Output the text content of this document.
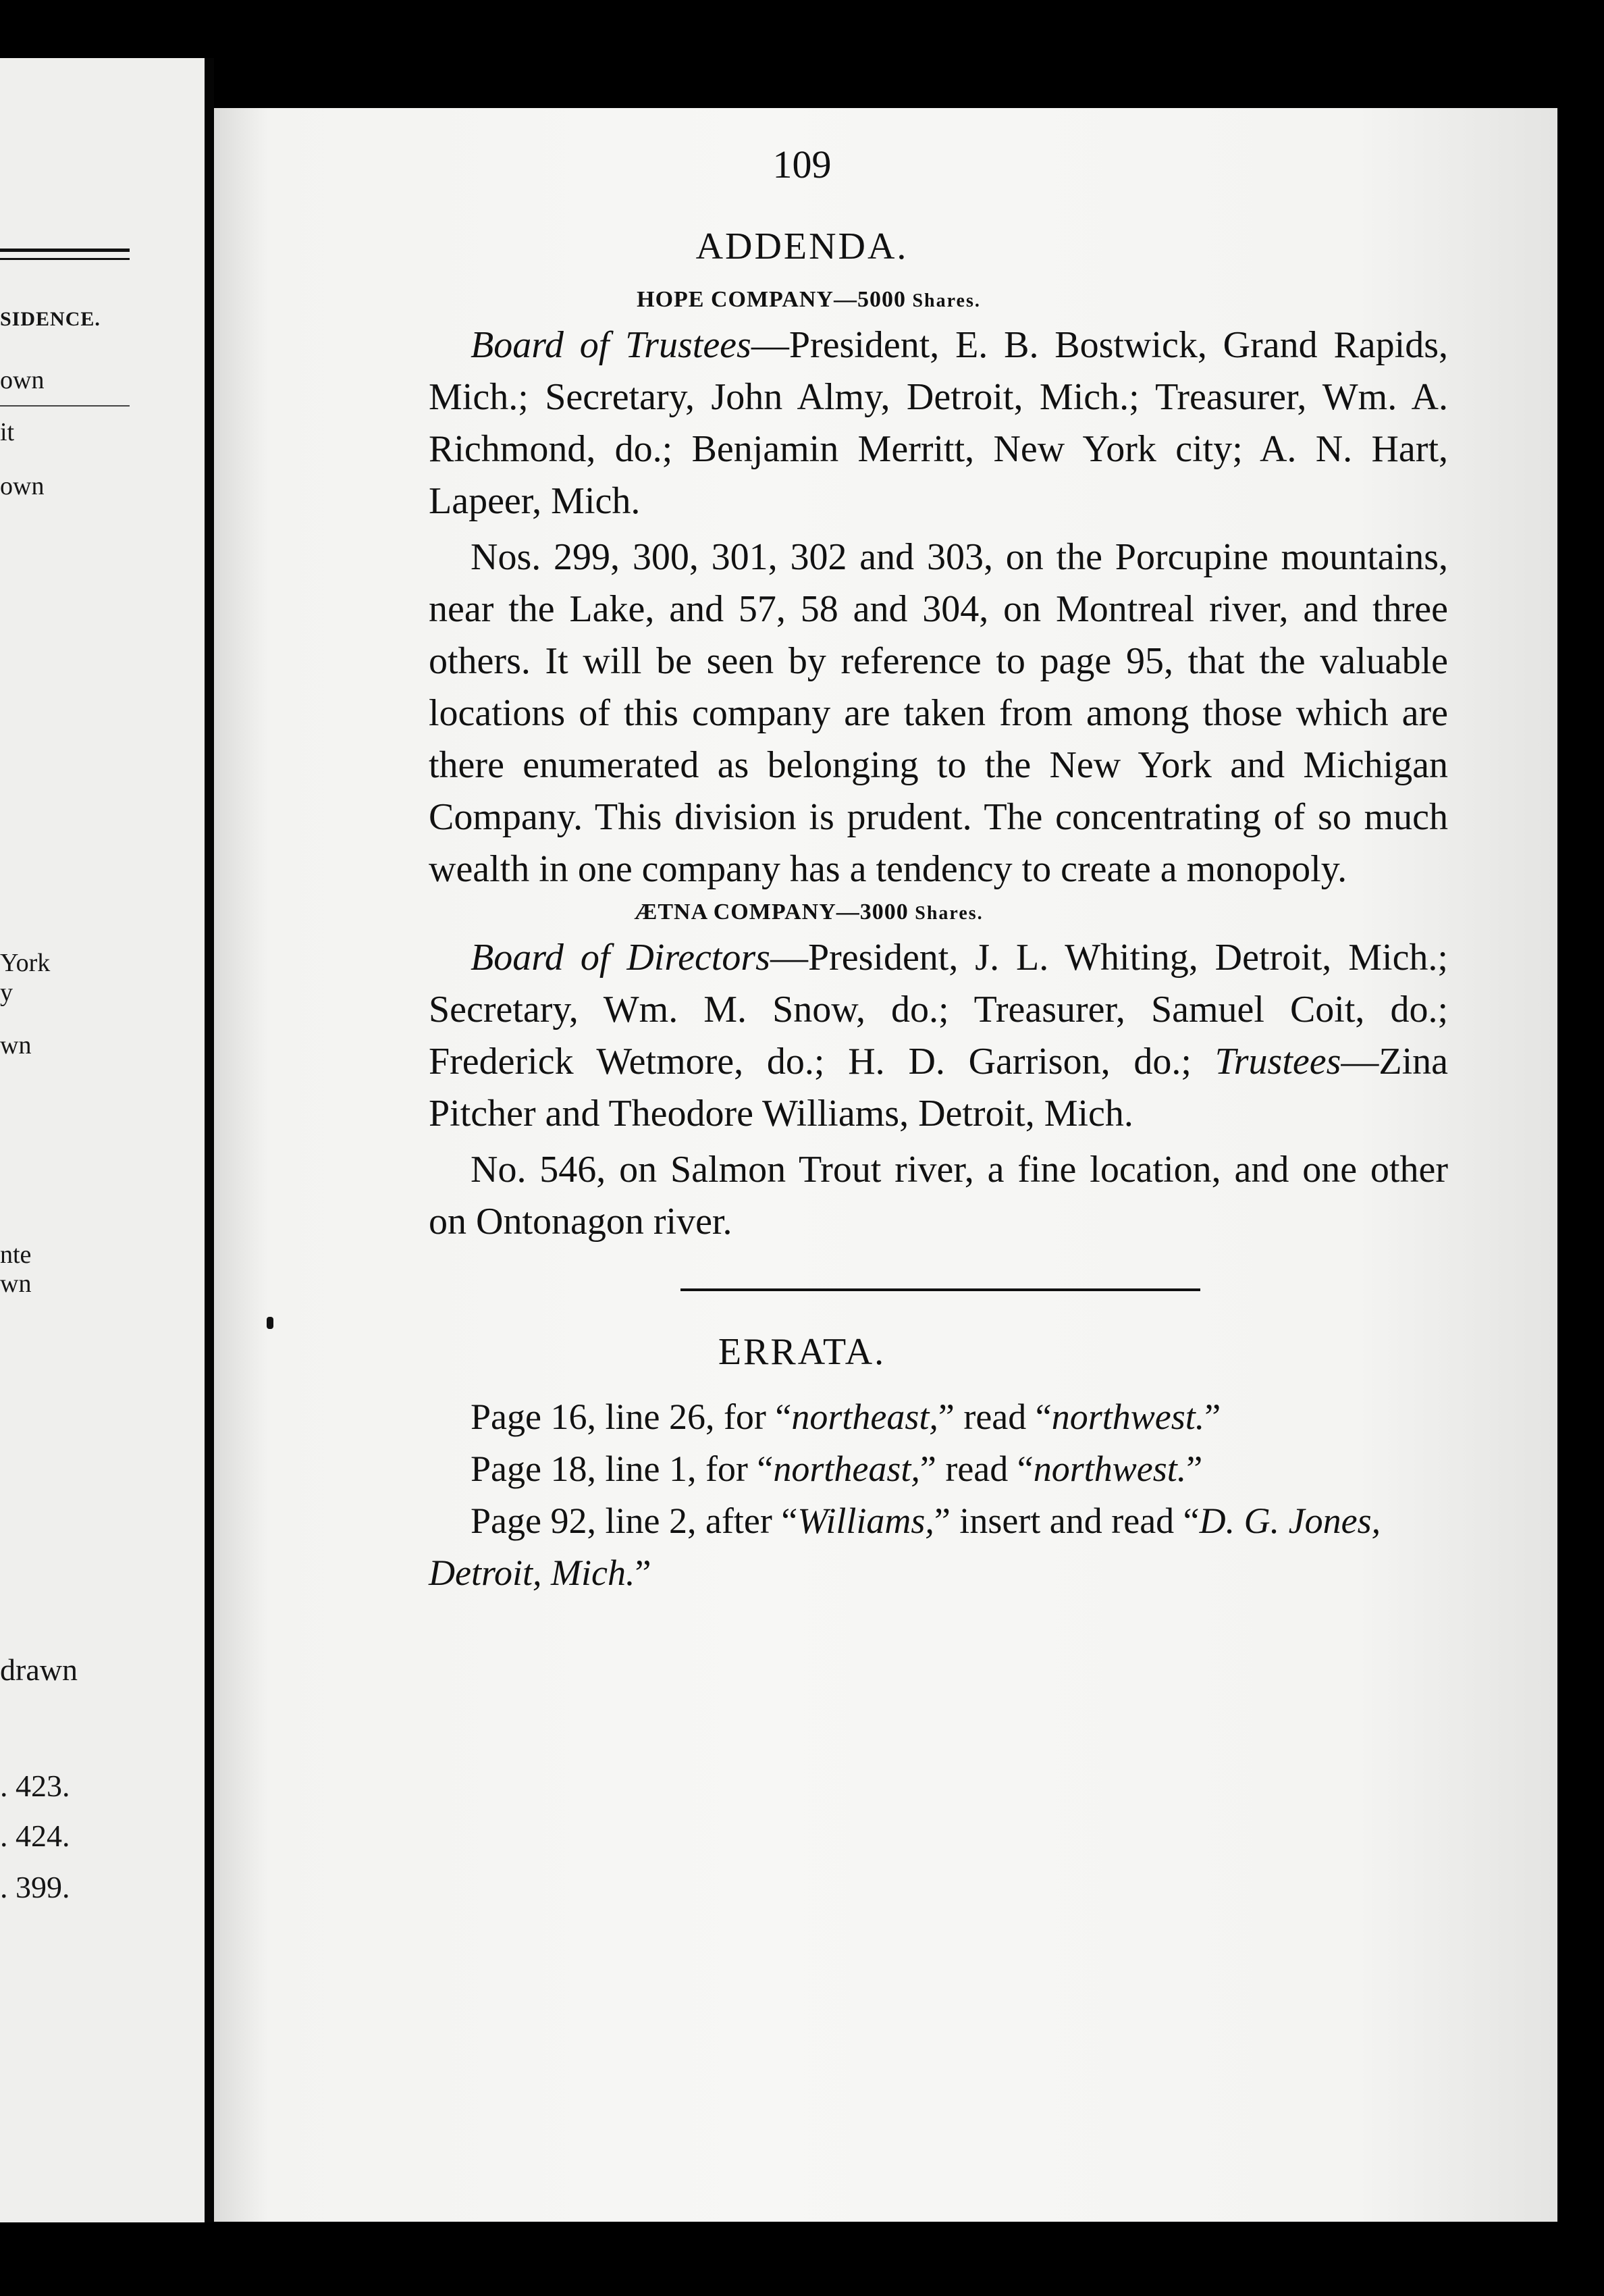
SIDENCE.
own
it
own
York
y
wn
nte
wn
drawn
. 423.
. 424.
. 399.
109
ADDENDA.
HOPE COMPANY—5000 Shares.
Board of Trustees—President, E. B. Bostwick, Grand Rapids, Mich.; Secretary, John Almy, Detroit, Mich.; Treasurer, Wm. A. Richmond, do.; Benjamin Merritt, New York city; A. N. Hart, Lapeer, Mich.
Nos. 299, 300, 301, 302 and 303, on the Porcupine mountains, near the Lake, and 57, 58 and 304, on Montreal river, and three others. It will be seen by reference to page 95, that the valuable locations of this company are taken from among those which are there enumerated as belonging to the New York and Michigan Company. This division is prudent. The concentrating of so much wealth in one company has a tendency to create a monopoly.
ÆTNA COMPANY—3000 Shares.
Board of Directors—President, J. L. Whiting, Detroit, Mich.; Secretary, Wm. M. Snow, do.; Treasurer, Samuel Coit, do.; Frederick Wetmore, do.; H. D. Garrison, do.; Trustees—Zina Pitcher and Theodore Williams, Detroit, Mich.
No. 546, on Salmon Trout river, a fine location, and one other on Ontonagon river.
ERRATA.
Page 16, line 26, for “northeast,” read “northwest.”
Page 18, line 1, for “northeast,” read “northwest.”
Page 92, line 2, after “Williams,” insert and read “D. G. Jones, Detroit, Mich.”
